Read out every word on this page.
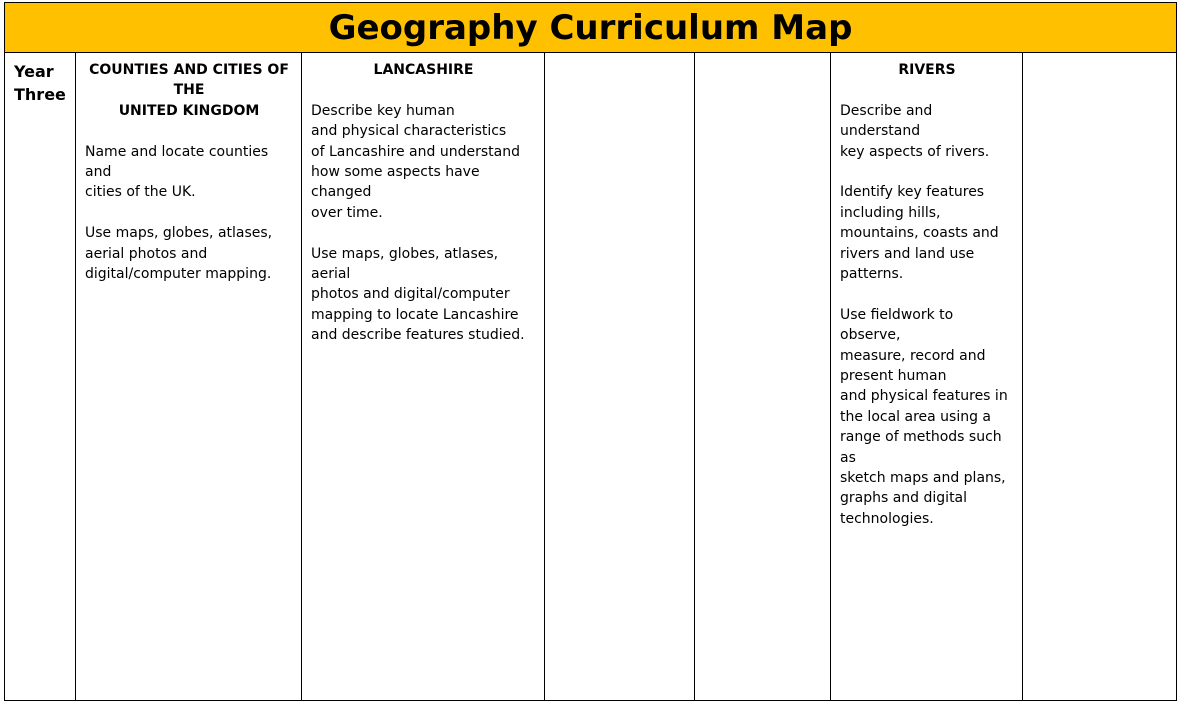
Geography Curriculum Map
Year
Three
COUNTIES AND CITIES OF THE
UNITED KINGDOM
Name and locate counties and
cities of the UK.
Use maps, globes, atlases,
aerial photos and
digital/computer mapping.
LANCASHIRE
Describe key human
and physical characteristics
of Lancashire and understand
how some aspects have changed
over time.
Use maps, globes, atlases, aerial
photos and digital/computer
mapping to locate Lancashire
and describe features studied.
RIVERS
Describe and understand
key aspects of rivers.
Identify key features
including hills,
mountains, coasts and
rivers and land use
patterns.
Use fieldwork to observe,
measure, record and
present human
and physical features in
the local area using a
range of methods such as
sketch maps and plans,
graphs and digital
technologies.
